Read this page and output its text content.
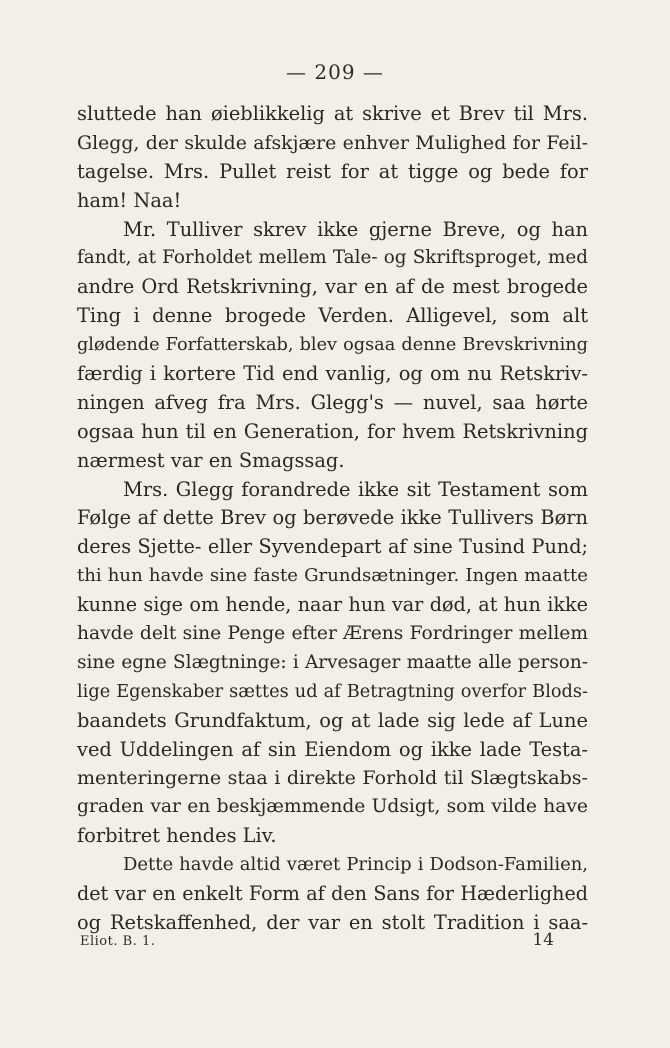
— 209 —
sluttede han øieblikkelig at skrive et Brev til Mrs.
Glegg, der skulde afskjære enhver Mulighed for Feil-
tagelse. Mrs. Pullet reist for at tigge og bede for
ham! Naa!
Mr. Tulliver skrev ikke gjerne Breve, og han
fandt, at Forholdet mellem Tale- og Skriftsproget, med
andre Ord Retskrivning, var en af de mest brogede
Ting i denne brogede Verden. Alligevel, som alt
glødende Forfatterskab, blev ogsaa denne Brevskrivning
færdig i kortere Tid end vanlig, og om nu Retskriv-
ningen afveg fra Mrs. Glegg's — nuvel, saa hørte
ogsaa hun til en Generation, for hvem Retskrivning
nærmest var en Smagssag.
Mrs. Glegg forandrede ikke sit Testament som
Følge af dette Brev og berøvede ikke Tullivers Børn
deres Sjette- eller Syvendepart af sine Tusind Pund;
thi hun havde sine faste Grundsætninger. Ingen maatte
kunne sige om hende, naar hun var død, at hun ikke
havde delt sine Penge efter Ærens Fordringer mellem
sine egne Slægtninge: i Arvesager maatte alle person-
lige Egenskaber sættes ud af Betragtning overfor Blods-
baandets Grundfaktum, og at lade sig lede af Lune
ved Uddelingen af sin Eiendom og ikke lade Testa-
menteringerne staa i direkte Forhold til Slægtskabs-
graden var en beskjæmmende Udsigt, som vilde have
forbitret hendes Liv.
Dette havde altid været Princip i Dodson-Familien,
det var en enkelt Form af den Sans for Hæderlighed
og Retskaffenhed, der var en stolt Tradition i saa-
Eliot. B. 1.	14
